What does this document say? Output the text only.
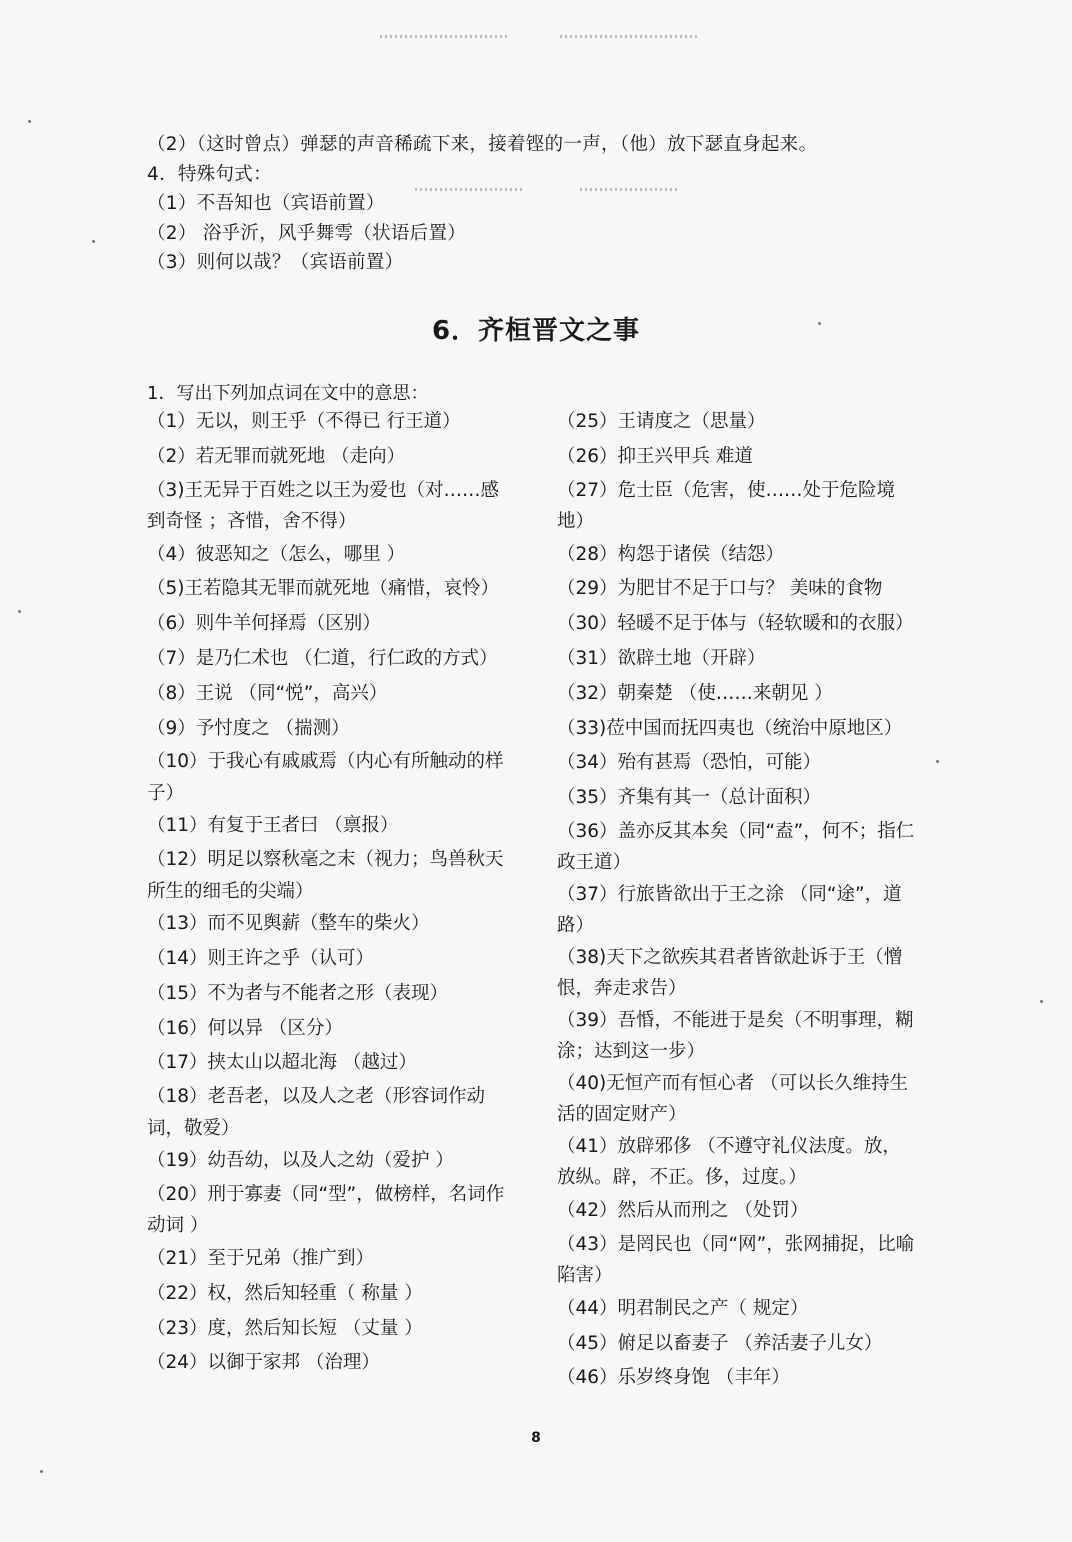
（2）（这时曾点）弹瑟的声音稀疏下来，接着铿的一声，（他）放下瑟直身起来。
4．特殊句式：
（1）不吾知也（宾语前置）
（2） 浴乎沂，风乎舞雩（状语后置）
（3）则何以哉？（宾语前置）
6．齐桓晋文之事
1．写出下列加点词在文中的意思：
（1）无以，则王乎（不得已 行王道）
（2）若无罪而就死地 （走向）
（3)王无异于百姓之以王为爱也（对……感到奇怪 ；吝惜，舍不得）
（4）彼恶知之（怎么，哪里 ）
（5)王若隐其无罪而就死地（痛惜，哀怜）
（6）则牛羊何择焉（区别）
（7）是乃仁术也 （仁道，行仁政的方式）
（8）王说 （同“悦”，高兴）
（9）予忖度之 （揣测）
（10）于我心有戚戚焉（内心有所触动的样子）
（11）有复于王者曰 （禀报）
（12）明足以察秋毫之末（视力；鸟兽秋天所生的细毛的尖端）
（13）而不见舆薪（整车的柴火）
（14）则王许之乎（认可）
（15）不为者与不能者之形（表现）
（16）何以异 （区分）
（17）挟太山以超北海 （越过）
（18）老吾老，以及人之老（形容词作动词，敬爱）
（19）幼吾幼，以及人之幼（爱护 ）
（20）刑于寡妻（同“型”，做榜样，名词作动词 ）
（21）至于兄弟（推广到）
（22）权，然后知轻重（ 称量 ）
（23）度，然后知长短 （丈量 ）
（24）以御于家邦 （治理）
（25）王请度之（思量）
（26）抑王兴甲兵 难道
（27）危士臣（危害，使……处于危险境地）
（28）构怨于诸侯（结怨）
（29）为肥甘不足于口与？ 美味的食物
（30）轻暖不足于体与（轻软暖和的衣服）
（31）欲辟土地（开辟）
（32）朝秦楚 （使……来朝见 ）
（33)莅中国而抚四夷也（统治中原地区）
（34）殆有甚焉（恐怕，可能）
（35）齐集有其一（总计面积）
（36）盖亦反其本矣（同“盍”，何不；指仁政王道）
（37）行旅皆欲出于王之涂 （同“途”，道路）
（38)天下之欲疾其君者皆欲赴诉于王（憎恨，奔走求告）
（39）吾惛，不能进于是矣（不明事理，糊涂；达到这一步）
（40)无恒产而有恒心者 （可以长久维持生活的固定财产）
（41）放辟邪侈 （不遵守礼仪法度。放，放纵。辟，不正。侈，过度。）
（42）然后从而刑之 （处罚）
（43）是罔民也（同“网”，张网捕捉，比喻陷害）
（44）明君制民之产（ 规定）
（45）俯足以畜妻子 （养活妻子儿女）
（46）乐岁终身饱 （丰年）
8
